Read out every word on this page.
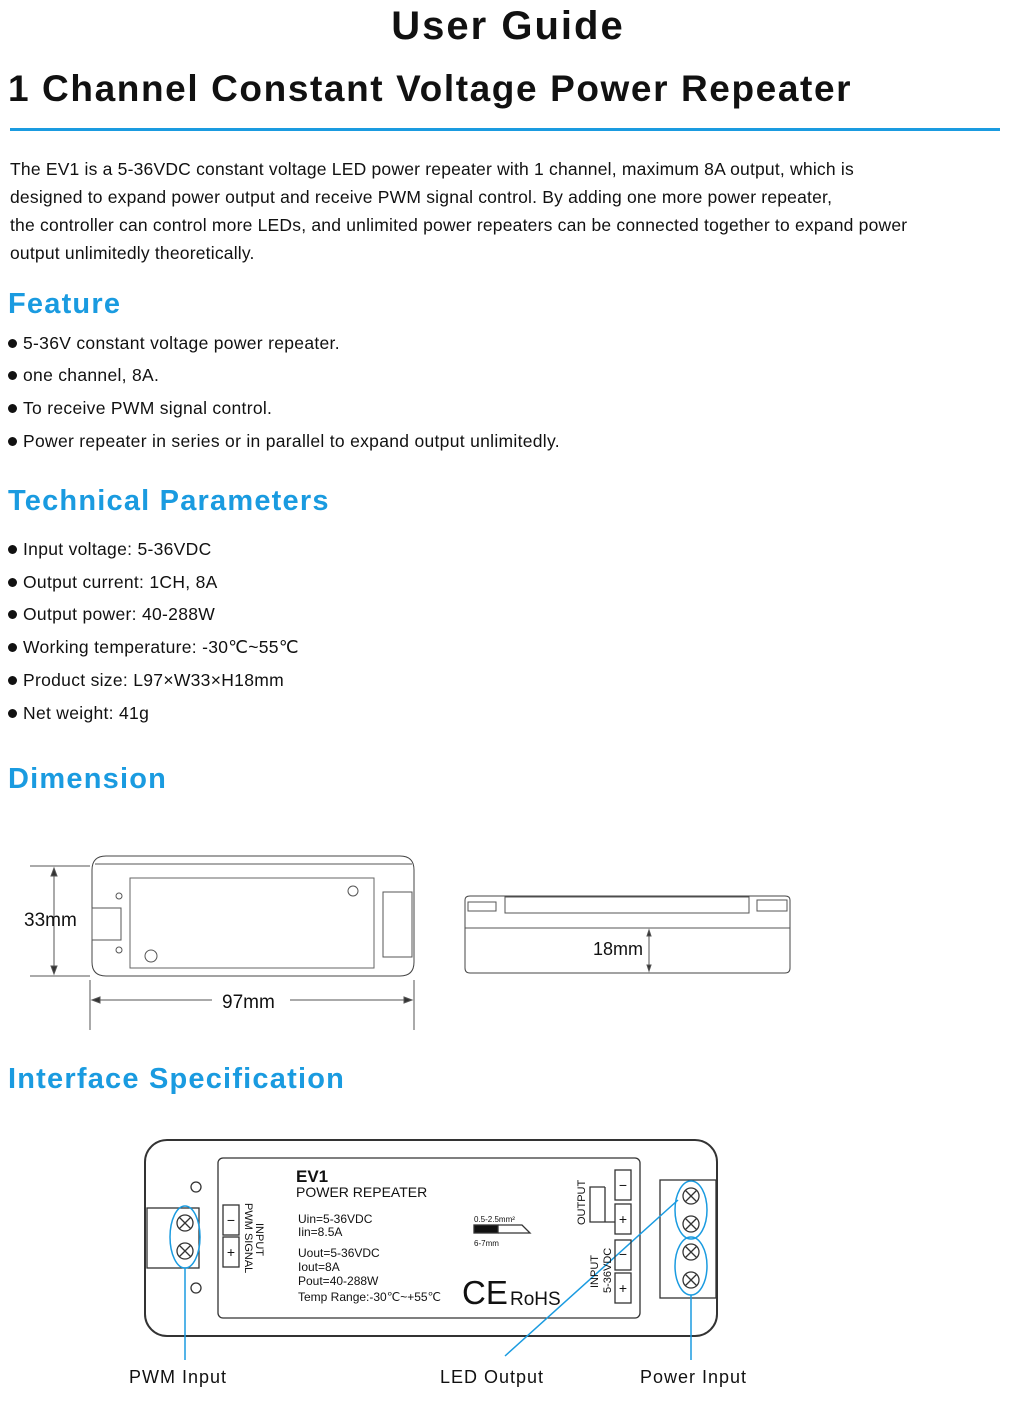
User Guide
1 Channel Constant Voltage Power Repeater
The EV1 is a 5-36VDC constant voltage LED power repeater with 1 channel, maximum 8A output, which is
designed to expand power output and receive PWM signal control. By adding one more power repeater,
the controller can control more LEDs, and unlimited power repeaters can be connected together to expand power
output unlimitedly theoretically.
Feature
5-36V constant voltage power repeater.
one channel, 8A.
To receive PWM signal control.
Power repeater in series or in parallel to expand output unlimitedly.
Technical Parameters
Input voltage: 5-36VDC
Output current: 1CH, 8A
Output power: 40-288W
Working temperature: -30℃~55℃
Product size: L97×W33×H18mm
Net weight: 41g
Dimension
33mm
97mm
18mm
Interface Specification
−
+ INPUT
PWM SIGNAL
EV1
POWER REPEATER
Uin=5-36VDC
Iin=8.5A
Uout=5-36VDC
Iout=8A
Pout=40-288W
Temp Range:-30℃~+55℃
0.5-2.5mm²
6-7mm
CE RoHS
−
+
−
+
OUTPUT
INPUT 5-36VDC
PWM Input	LED Output	Power Input
